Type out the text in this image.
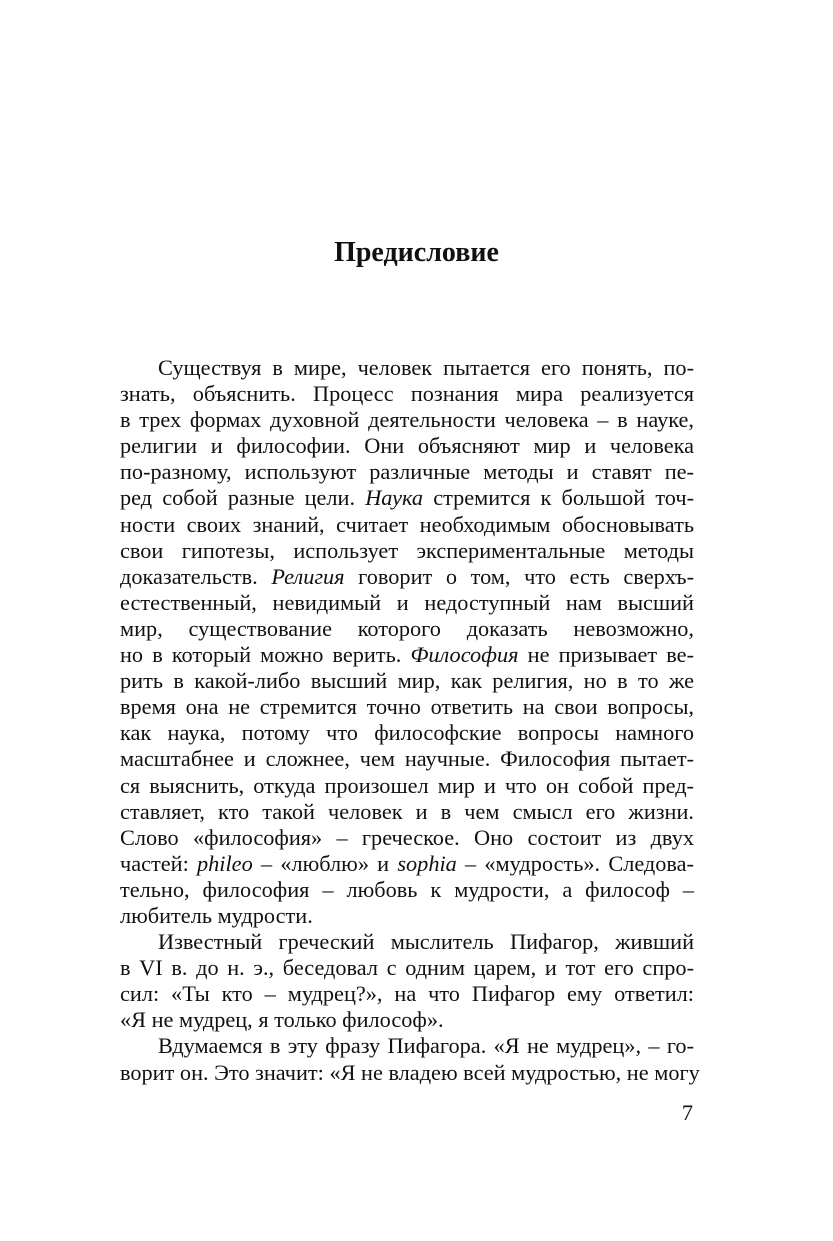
Предисловие
Существуя в мире, человек пытается его понять, по-
знать, объяснить. Процесс познания мира реализуется
в трех формах духовной деятельности человека – в науке,
религии и философии. Они объясняют мир и человека
по-разному, используют различные методы и ставят пе-
ред собой разные цели. Наука стремится к большой точ-
ности своих знаний, считает необходимым обосновывать
свои гипотезы, использует экспериментальные методы
доказательств. Религия говорит о том, что есть сверхъ-
естественный, невидимый и недоступный нам высший
мир, существование которого доказать невозможно,
но в который можно верить. Философия не призывает ве-
рить в какой-либо высший мир, как религия, но в то же
время она не стремится точно ответить на свои вопросы,
как наука, потому что философские вопросы намного
масштабнее и сложнее, чем научные. Философия пытает-
ся выяснить, откуда произошел мир и что он собой пред-
ставляет, кто такой человек и в чем смысл его жизни.
Слово «философия» – греческое. Оно состоит из двух
частей: phileo – «люблю» и sophia – «мудрость». Следова-
тельно, философия – любовь к мудрости, а философ –
любитель мудрости.
Известный греческий мыслитель Пифагор, живший
в VI в. до н. э., беседовал с одним царем, и тот его спро-
сил: «Ты кто – мудрец?», на что Пифагор ему ответил:
«Я не мудрец, я только философ».
Вдумаемся в эту фразу Пифагора. «Я не мудрец», – го-
ворит он. Это значит: «Я не владею всей мудростью, не могу
7
